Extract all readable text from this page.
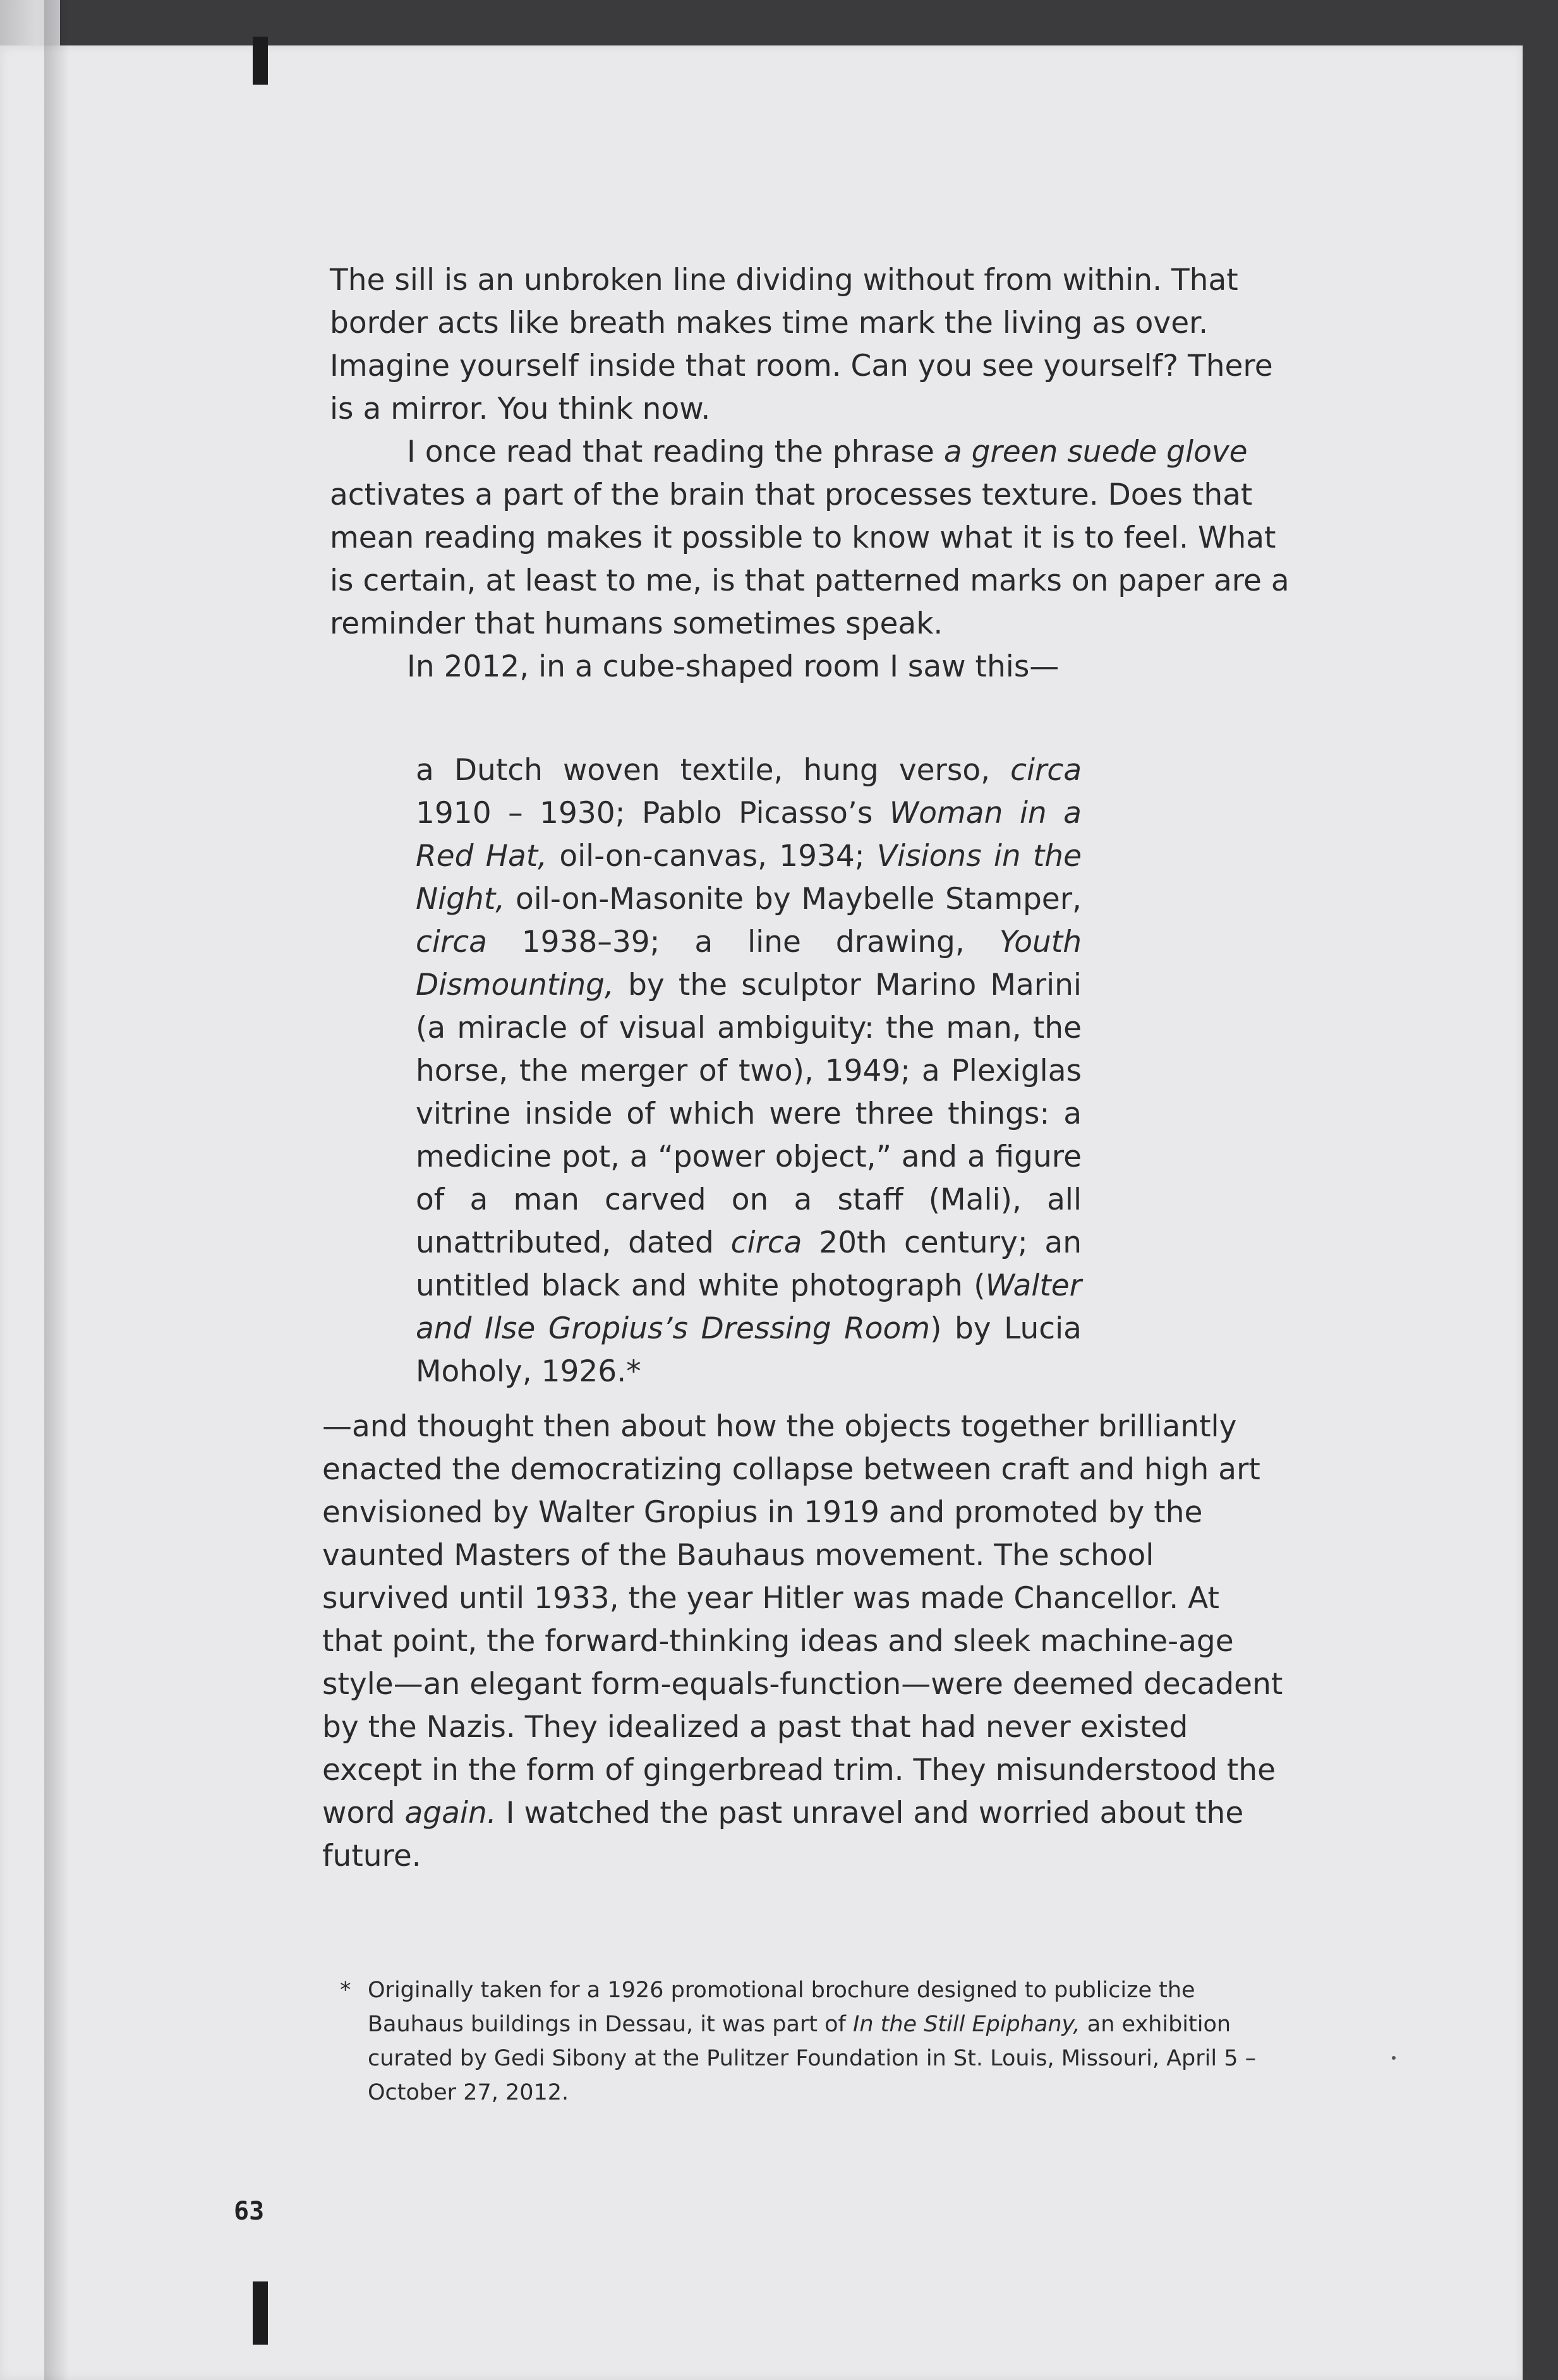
The sill is an unbroken line dividing without from within. That border acts like breath makes time mark the living as over. Imagine yourself inside that room. Can you see yourself? There is a mirror. You think now.

I once read that reading the phrase a green suede glove activates a part of the brain that processes texture. Does that mean reading makes it possible to know what it is to feel. What is certain, at least to me, is that patterned marks on paper are a reminder that humans sometimes speak.

In 2012, in a cube-shaped room I saw this—

a Dutch woven textile, hung verso, circa 1910 – 1930; Pablo Picasso’s Woman in a Red Hat, oil-on-canvas, 1934; Visions in the Night, oil-on-Masonite by Maybelle Stamper, circa 1938–39; a line drawing, Youth Dismounting, by the sculptor Marino Marini (a miracle of visual ambiguity: the man, the horse, the merger of two), 1949; a Plexiglas vitrine inside of which were three things: a medicine pot, a “power object,” and a figure of a man carved on a staff (Mali), all unattributed, dated circa 20th century; an untitled black and white photograph (Walter and Ilse Gropius’s Dressing Room) by Lucia Moholy, 1926.*

—and thought then about how the objects together brilliantly enacted the democratizing collapse between craft and high art envisioned by Walter Gropius in 1919 and promoted by the vaunted Masters of the Bauhaus movement. The school survived until 1933, the year Hitler was made Chancellor. At that point, the forward-thinking ideas and sleek machine-age style—an elegant form-equals-function—were deemed decadent by the Nazis. They idealized a past that had never existed except in the form of gingerbread trim. They misunderstood the word again. I watched the past unravel and worried about the future.

* Originally taken for a 1926 promotional brochure designed to publicize the Bauhaus buildings in Dessau, it was part of In the Still Epiphany, an exhibition curated by Gedi Sibony at the Pulitzer Foundation in St. Louis, Missouri, April 5 – October 27, 2012.
63
